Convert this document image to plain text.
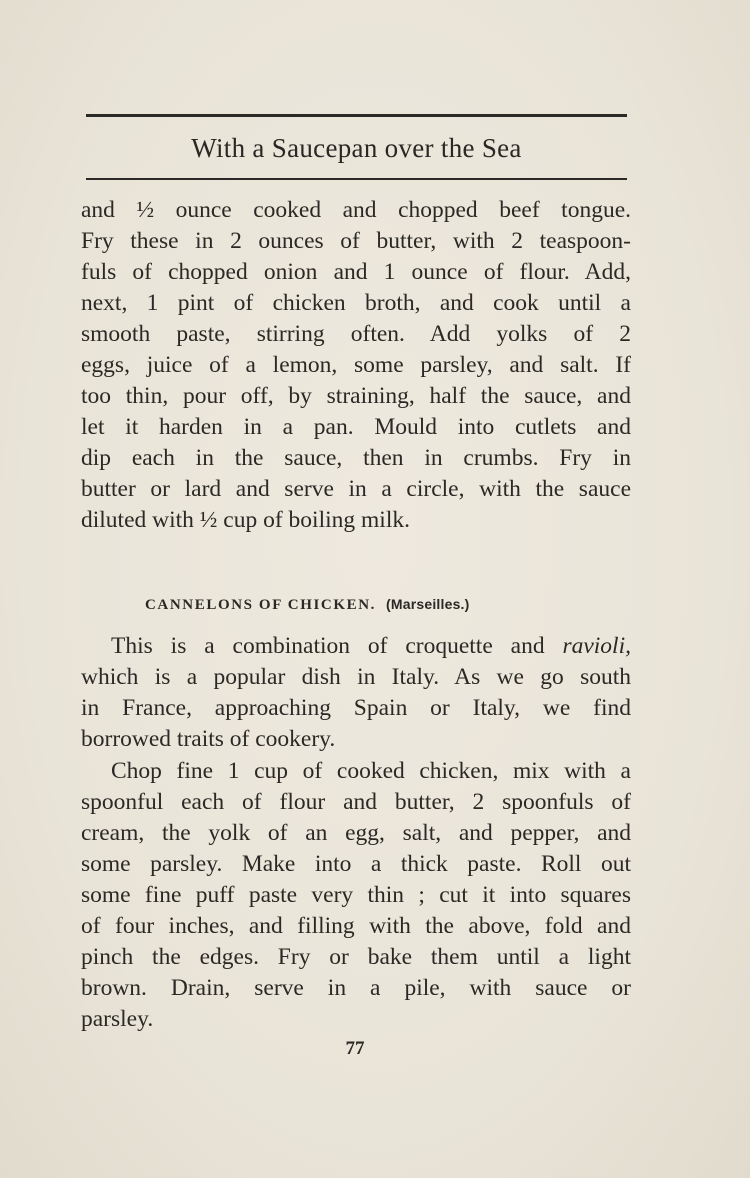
With a Saucepan over the Sea
and ½ ounce cooked and chopped beef tongue.
Fry these in 2 ounces of butter, with 2 teaspoon-
fuls of chopped onion and 1 ounce of flour. Add,
next, 1 pint of chicken broth, and cook until a
smooth paste, stirring often. Add yolks of 2
eggs, juice of a lemon, some parsley, and salt. If
too thin, pour off, by straining, half the sauce, and
let it harden in a pan. Mould into cutlets and
dip each in the sauce, then in crumbs. Fry in
butter or lard and serve in a circle, with the sauce
diluted with ½ cup of boiling milk.
CANNELONS OF CHICKEN. (Marseilles.)
This is a combination of croquette and ravioli,
which is a popular dish in Italy. As we go south
in France, approaching Spain or Italy, we find
borrowed traits of cookery.
Chop fine 1 cup of cooked chicken, mix with a
spoonful each of flour and butter, 2 spoonfuls of
cream, the yolk of an egg, salt, and pepper, and
some parsley. Make into a thick paste. Roll out
some fine puff paste very thin ; cut it into squares
of four inches, and filling with the above, fold and
pinch the edges. Fry or bake them until a light
brown. Drain, serve in a pile, with sauce or
parsley.
77
